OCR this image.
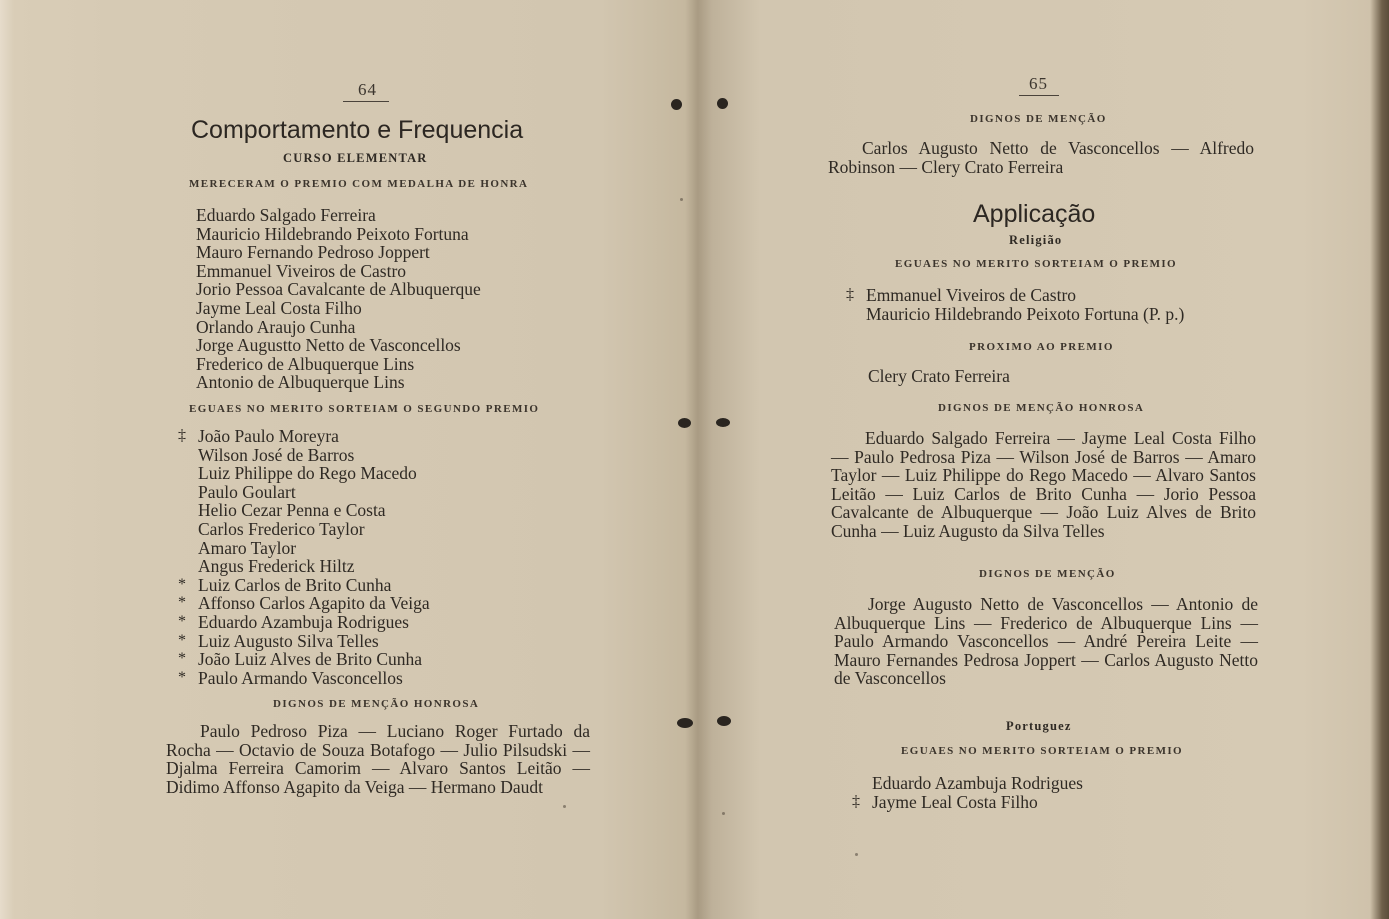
64
Comportamento e Frequencia
CURSO ELEMENTAR
MERECERAM O PREMIO COM MEDALHA DE HONRA
Eduardo Salgado Ferreira
Mauricio Hildebrando Peixoto Fortuna
Mauro Fernando Pedroso Joppert
Emmanuel Viveiros de Castro
Jorio Pessoa Cavalcante de Albuquerque
Jayme Leal Costa Filho
Orlando Araujo Cunha
Jorge Augustto Netto de Vasconcellos
Frederico de Albuquerque Lins
Antonio de Albuquerque Lins
EGUAES NO MERITO SORTEIAM O SEGUNDO PREMIO
‡ João Paulo Moreyra
Wilson José de Barros
Luiz Philippe do Rego Macedo
Paulo Goulart
Helio Cezar Penna e Costa
Carlos Frederico Taylor
Amaro Taylor
Angus Frederick Hiltz
* Luiz Carlos de Brito Cunha
* Affonso Carlos Agapito da Veiga
* Eduardo Azambuja Rodrigues
* Luiz Augusto Silva Telles
* João Luiz Alves de Brito Cunha
* Paulo Armando Vasconcellos
DIGNOS DE MENÇÃO HONROSA

Paulo Pedroso Piza — Luciano Roger Furtado da Rocha — Octavio de Souza Botafogo — Julio Pilsudski — Djalma Ferreira Camorim — Alvaro Santos Leitão — Didimo Affonso Agapito da Veiga — Hermano Daudt

65
DIGNOS DE MENÇÃO

Carlos Augusto Netto de Vasconcellos — Alfredo Robinson — Clery Crato Ferreira

Applicação
Religião
EGUAES NO MERITO SORTEIAM O PREMIO
‡ Emmanuel Viveiros de Castro
Mauricio Hildebrando Peixoto Fortuna (P. p.)
PROXIMO AO PREMIO
Clery Crato Ferreira
DIGNOS DE MENÇÃO HONROSA

Eduardo Salgado Ferreira — Jayme Leal Costa Filho — Paulo Pedrosa Piza — Wilson José de Barros — Amaro Taylor — Luiz Philippe do Rego Macedo — Alvaro Santos Leitão — Luiz Carlos de Brito Cunha — Jorio Pessoa Cavalcante de Albuquerque — João Luiz Alves de Brito Cunha — Luiz Augusto da Silva Telles

DIGNOS DE MENÇÃO

Jorge Augusto Netto de Vasconcellos — Antonio de Albuquerque Lins — Frederico de Albuquerque Lins — Paulo Armando Vasconcellos — André Pereira Leite — Mauro Fernandes Pedrosa Joppert — Carlos Augusto Netto de Vasconcellos

Portuguez
EGUAES NO MERITO SORTEIAM O PREMIO
Eduardo Azambuja Rodrigues
‡ Jayme Leal Costa Filho
